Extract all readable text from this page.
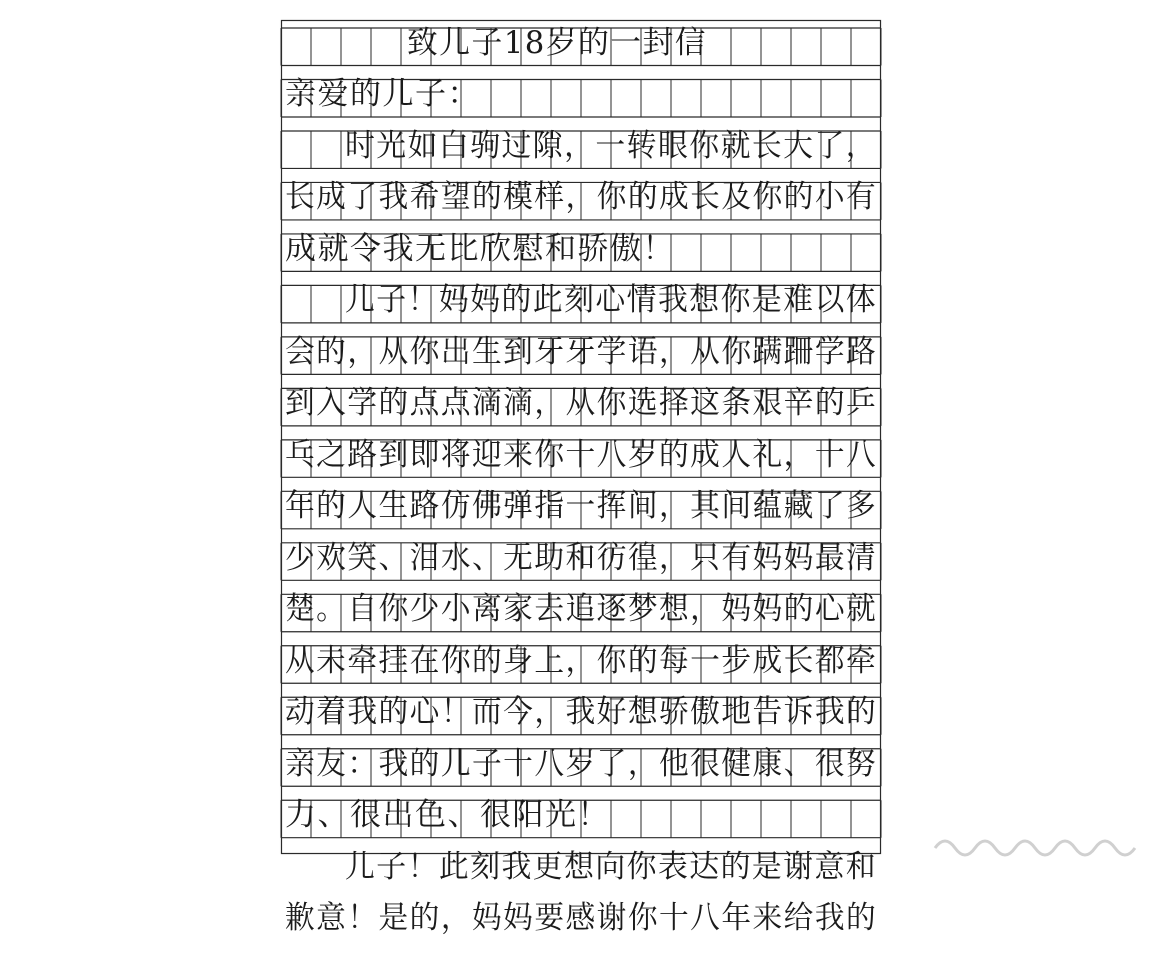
致儿子18岁的一封信
亲爱的儿子：
时光如白驹过隙，一转眼你就长大了，
长成了我希望的模样，你的成长及你的小有
成就令我无比欣慰和骄傲！
儿子！妈妈的此刻心情我想你是难以体
会的，从你出生到牙牙学语，从你蹒跚学路
到入学的点点滴滴，从你选择这条艰辛的乒
乓之路到即将迎来你十八岁的成人礼，十八
年的人生路仿佛弹指一挥间，其间蕴藏了多
少欢笑、泪水、无助和彷徨，只有妈妈最清
楚。自你少小离家去追逐梦想，妈妈的心就
从未牵挂在你的身上，你的每一步成长都牵
动着我的心！而今，我好想骄傲地告诉我的
亲友：我的儿子十八岁了，他很健康、很努
力、很出色、很阳光！
儿子！此刻我更想向你表达的是谢意和
歉意！是的，妈妈要感谢你十八年来给我的
